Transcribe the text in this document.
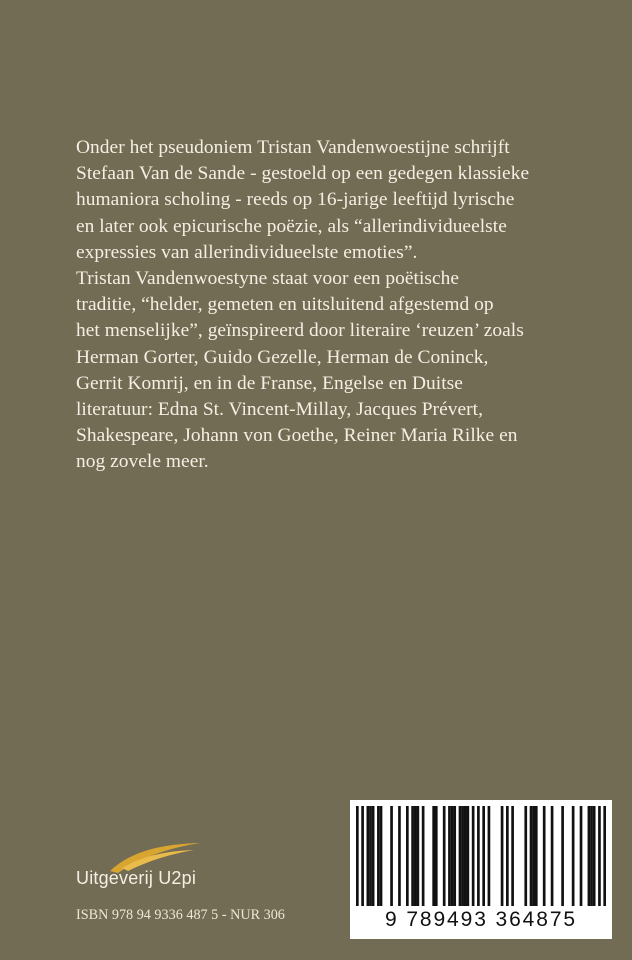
Onder het pseudoniem Tristan Vandenwoestijne schrijft
Stefaan Van de Sande - gestoeld op een gedegen klassieke
humaniora scholing - reeds op 16-jarige leeftijd lyrische
en later ook epicurische poëzie, als “allerindividueelste
expressies van allerindividueelste emoties”.
Tristan Vandenwoestyne staat voor een poëtische
traditie, “helder, gemeten en uitsluitend afgestemd op
het menselijke”, geïnspireerd door literaire ‘reuzen’ zoals
Herman Gorter, Guido Gezelle, Herman de Coninck,
Gerrit Komrij, en in de Franse, Engelse en Duitse
literatuur: Edna St. Vincent-Millay, Jacques Prévert,
Shakespeare, Johann von Goethe, Reiner Maria Rilke en
nog zovele meer.
Uitgeverij U2pi
ISBN 978 94 9336 487 5 - NUR 306	9 789493 364875
